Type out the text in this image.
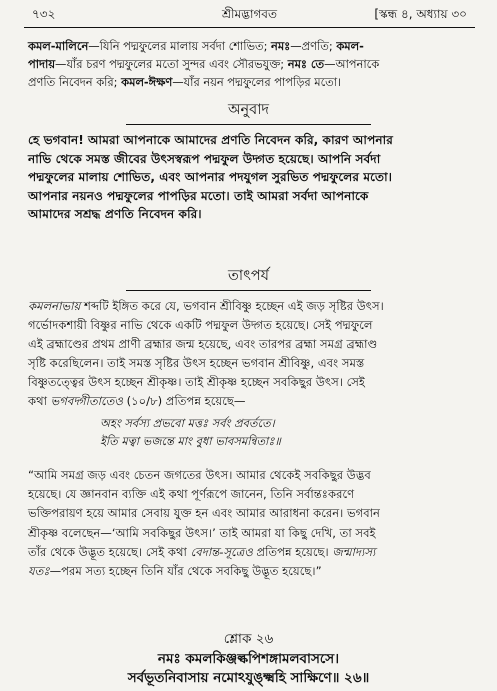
৭৩২	শ্রীমদ্ভাগবত	[স্কন্ধ ৪, অধ্যায় ৩০
কমল-মালিনে—যিনি পদ্মফুলের মালায় সর্বদা শোভিত; নমঃ—প্রণতি; কমল-
পাদায়—যাঁর চরণ পদ্মফুলের মতো সুন্দর এবং সৌরভযুক্ত; নমঃ তে—আপনাকে
প্রণতি নিবেদন করি; কমল-ঈক্ষণ—যাঁর নয়ন পদ্মফুলের পাপড়ির মতো।
অনুবাদ
হে ভগবান! আমরা আপনাকে আমাদের প্রণতি নিবেদন করি, কারণ আপনার
নাভি থেকে সমস্ত জীবের উৎসস্বরূপ পদ্মফুল উদ্গত হয়েছে। আপনি সর্বদা
পদ্মফুলের মালায় শোভিত, এবং আপনার পদযুগল সুরভিত পদ্মফুলের মতো।
আপনার নয়নও পদ্মফুলের পাপড়ির মতো। তাই আমরা সর্বদা আপনাকে
আমাদের সশ্রদ্ধ প্রণতি নিবেদন করি।
তাৎপর্য
কমলনাভায় শব্দটি ইঙ্গিত করে যে, ভগবান শ্রীবিষ্ণু হচ্ছেন এই জড় সৃষ্টির উৎস।
গর্ভোদকশায়ী বিষ্ণুর নাভি থেকে একটি পদ্মফুল উদ্গত হয়েছে। সেই পদ্মফুলে
এই ব্রহ্মাণ্ডের প্রথম প্রাণী ব্রহ্মার জন্ম হয়েছে, এবং তারপর ব্রহ্মা সমগ্র ব্রহ্মাণ্ড
সৃষ্টি করেছিলেন। তাই সমস্ত সৃষ্টির উৎস হচ্ছেন ভগবান শ্রীবিষ্ণু, এবং সমস্ত
বিষ্ণুতত্ত্বের উৎস হচ্ছেন শ্রীকৃষ্ণ। তাই শ্রীকৃষ্ণ হচ্ছেন সবকিছুর উৎস। সেই
কথা ভগবদ্গীতাতেও (১০/৮) প্রতিপন্ন হয়েছে—
অহং সর্বস্য প্রভবো মত্তঃ সর্বং প্রবর্ততে।
ইতি মত্বা ভজন্তে মাং বুধা ভাবসমন্বিতাঃ॥
“আমি সমগ্র জড় এবং চেতন জগতের উৎস। আমার থেকেই সবকিছুর উদ্ভব
হয়েছে। যে জ্ঞানবান ব্যক্তি এই কথা পূর্ণরূপে জানেন, তিনি সর্বান্তঃকরণে
ভক্তিপরায়ণ হয়ে আমার সেবায় যুক্ত হন এবং আমার আরাধনা করেন। ভগবান
শ্রীকৃষ্ণ বলেছেন—‘আমি সবকিছুর উৎস।’ তাই আমরা যা কিছু দেখি, তা সবই
তাঁর থেকে উদ্ভূত হয়েছে। সেই কথা বেদান্ত-সূত্রেও প্রতিপন্ন হয়েছে। জন্মাদ্যস্য
যতঃ—পরম সত্য হচ্ছেন তিনি যাঁর থেকে সবকিছু উদ্ভূত হয়েছে।”
শ্লোক ২৬
নমঃ কমলকিঞ্জল্কপিশঙ্গামলবাসসে।
সর্বভূতনিবাসায় নমোঽযুঙ্ক্ষ্মহি সাক্ষিণে॥ ২৬॥
